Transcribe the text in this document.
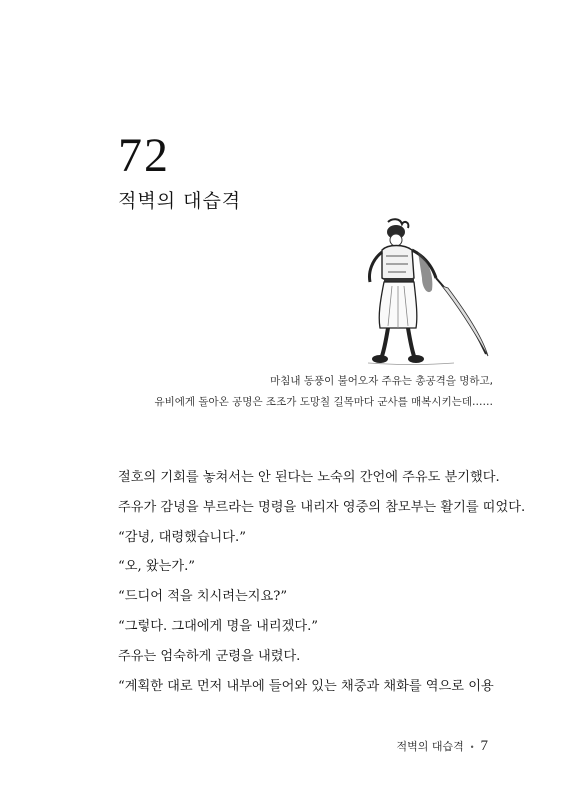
72
적벽의 대습격
마침내 동풍이 불어오자 주유는 총공격을 명하고,
유비에게 돌아온 공명은 조조가 도망칠 길목마다 군사를 매복시키는데……

절호의 기회를 놓쳐서는 안 된다는 노숙의 간언에 주유도 분기했다.

주유가 감녕을 부르라는 명령을 내리자 영중의 참모부는 활기를 띠었다.

“감녕, 대령했습니다.”

“오, 왔는가.”

“드디어 적을 치시려는지요?”

“그렇다. 그대에게 명을 내리겠다.”

주유는 엄숙하게 군령을 내렸다.

“계획한 대로 먼저 내부에 들어와 있는 채중과 채화를 역으로 이용

적벽의 대습격 • 7
